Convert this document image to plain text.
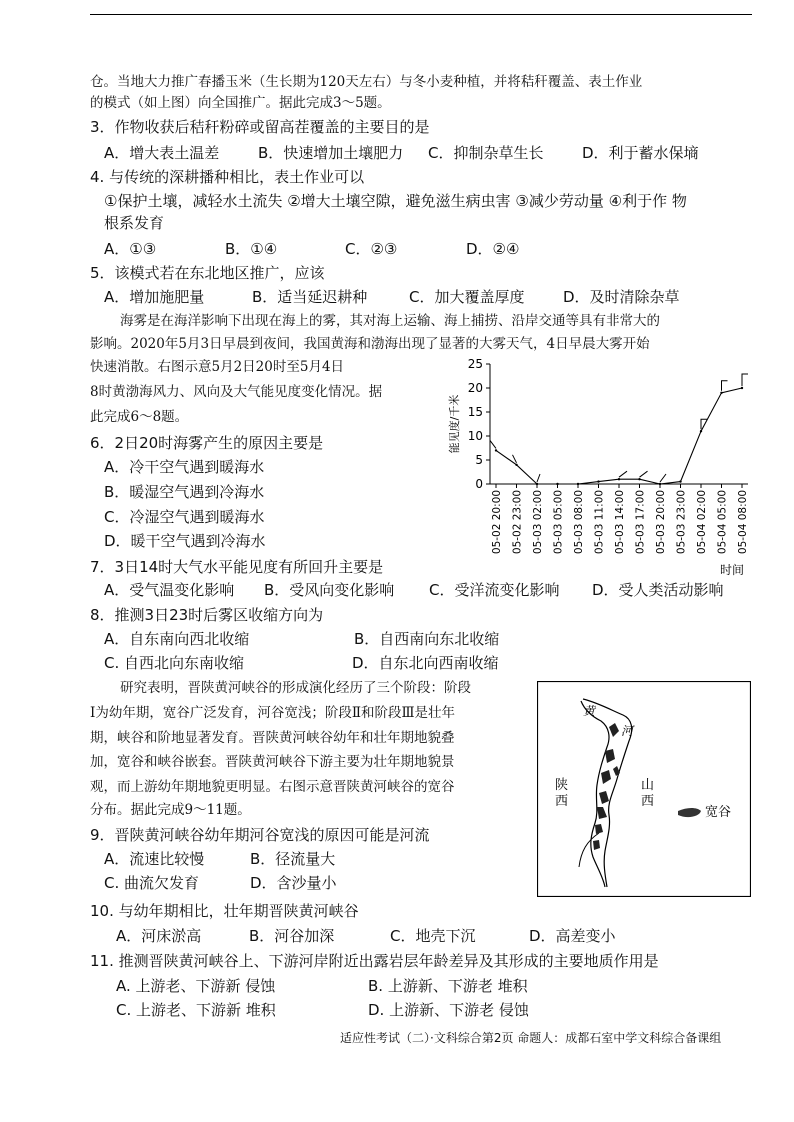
仓。当地大力推广春播玉米（生长期为120天左右）与冬小麦种植，并将秸秆覆盖、表土作业
的模式（如上图）向全国推广。据此完成3～5题。
3．作物收获后秸秆粉碎或留高茬覆盖的主要目的是
A．增大表土温差	B．快速增加土壤肥力 C．抑制杂草生长	D．利于蓄水保墒
4. 与传统的深耕播种相比，表土作业可以
①保护土壤，减轻水土流失 ②增大土壤空隙，避免滋生病虫害 ③减少劳动量 ④利于作 物
根系发育
A．①③	B．①④	C．②③	D．②④
5．该模式若在东北地区推广，应该
A．增加施肥量	B．适当延迟耕种	C．加大覆盖厚度	D．及时清除杂草
海雾是在海洋影响下出现在海上的雾，其对海上运输、海上捕捞、沿岸交通等具有非常大的
影响。2020年5月3日早晨到夜间，我国黄海和渤海出现了显著的大雾天气，4日早晨大雾开始
快速消散。右图示意5月2日20时至5月4日
8时黄渤海风力、风向及大气能见度变化情况。据
此完成6～8题。
6．2日20时海雾产生的原因主要是
A．冷干空气遇到暖海水
B．暖湿空气遇到冷海水
C．冷湿空气遇到暖海水
D．暖干空气遇到冷海水
0
5
10
15
20
25
05-02 20:00 05-02 23:00 05-03 02:00 05-03 05:00 05-03 08:00 05-03 11:00 05-03 14:00 05-03 17:00 05-03 20:00 05-03 23:00 05-04 02:00 05-04 05:00 05-04 08:00
能见度/千米
时间
7．3日14时大气水平能见度有所回升主要是
A．受气温变化影响 B．受风向变化影响 C．受洋流变化影响 D．受人类活动影响
8．推测3日23时后雾区收缩方向为
A．自东南向西北收缩	B．自西南向东北收缩
C. 自西北向东南收缩	D．自东北向西南收缩
研究表明，晋陕黄河峡谷的形成演化经历了三个阶段：阶段
Ⅰ为幼年期，宽谷广泛发育，河谷宽浅；阶段Ⅱ和阶段Ⅲ是壮年
期，峡谷和阶地显著发育。晋陕黄河峡谷幼年和壮年期地貌叠
加，宽谷和峡谷嵌套。晋陕黄河峡谷下游主要为壮年期地貌景
观，而上游幼年期地貌更明显。右图示意晋陕黄河峡谷的宽谷
分布。据此完成9～11题。	宽谷
黄
河
陕
西
山
西
9．晋陕黄河峡谷幼年期河谷宽浅的原因可能是河流
A．流速比较慢	B．径流量大
C. 曲流欠发育	D．含沙量小
10. 与幼年期相比，壮年期晋陕黄河峡谷
A．河床淤高	B．河谷加深	C．地壳下沉	D．高差变小
11. 推测晋陕黄河峡谷上、下游河岸附近出露岩层年龄差异及其形成的主要地质作用是
A. 上游老、下游新 侵蚀	B. 上游新、下游老 堆积
C. 上游老、下游新 堆积	D. 上游新、下游老 侵蚀
适应性考试（二）·文科综合第2页 命题人：成都石室中学文科综合备课组
